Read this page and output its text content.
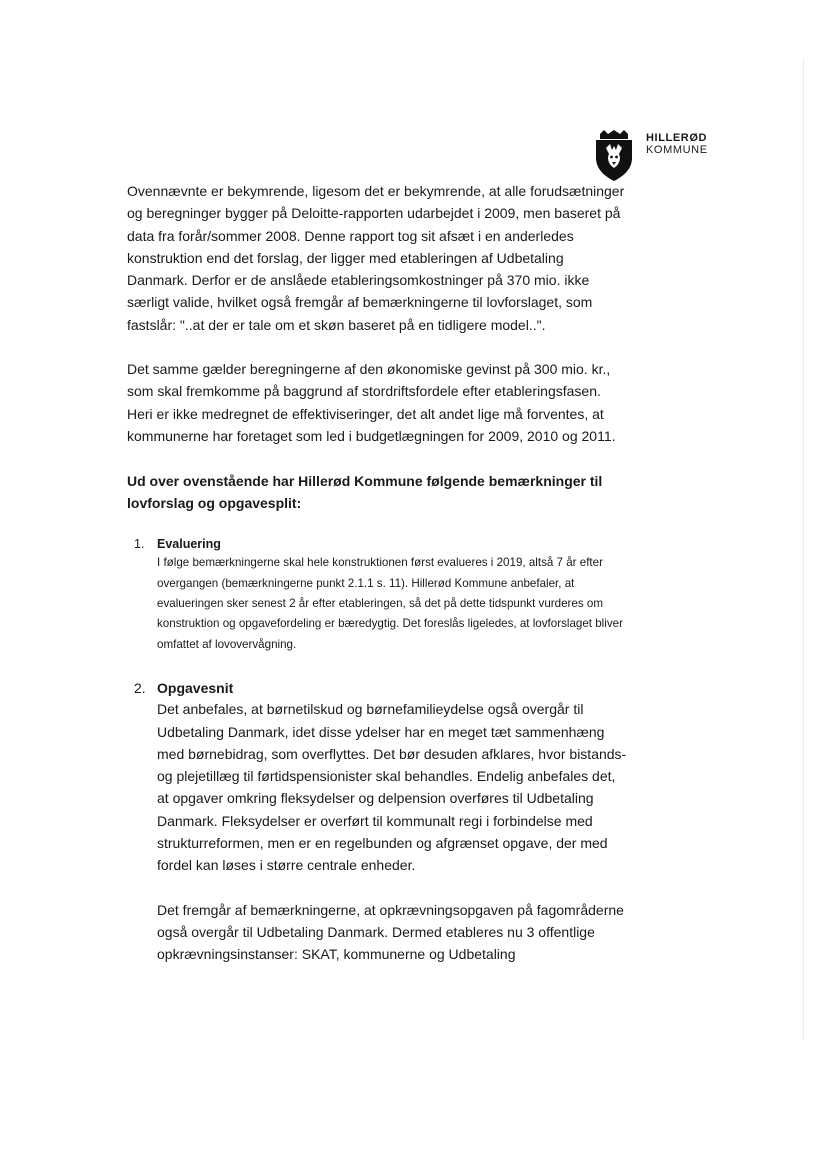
HILLERØD
KOMMUNE

Ovennævnte er bekymrende, ligesom det er bekymrende, at alle forudsætninger og beregninger bygger på Deloitte-rapporten udarbejdet i 2009, men baseret på data fra forår/sommer 2008. Denne rapport tog sit afsæt i en anderledes konstruktion end det forslag, der ligger med etableringen af Udbetaling Danmark. Derfor er de anslåede etableringsomkostninger på 370 mio. ikke særligt valide, hvilket også fremgår af bemærkningerne til lovforslaget, som fastslår: "..at der er tale om et skøn baseret på en tidligere model..".

Det samme gælder beregningerne af den økonomiske gevinst på 300 mio. kr., som skal fremkomme på baggrund af stordriftsfordele efter etableringsfasen. Heri er ikke medregnet de effektiviseringer, det alt andet lige må forventes, at kommunerne har foretaget som led i budgetlægningen for 2009, 2010 og 2011.

Ud over ovenstående har Hillerød Kommune følgende bemærkninger til lovforslag og opgavesplit:
1. Evaluering
I følge bemærkningerne skal hele konstruktionen først evalueres i 2019, altså 7 år efter overgangen (bemærkningerne punkt 2.1.1 s. 11). Hillerød Kommune anbefaler, at evalueringen sker senest 2 år efter etableringen, så det på dette tidspunkt vurderes om konstruktion og opgavefordeling er bæredygtig. Det foreslås ligeledes, at lovforslaget bliver omfattet af lovovervågning.
2. Opgavesnit
Det anbefales, at børnetilskud og børnefamilieydelse også overgår til Udbetaling Danmark, idet disse ydelser har en meget tæt sammenhæng med børnebidrag, som overflyttes. Det bør desuden afklares, hvor bistands- og plejetillæg til førtidspensionister skal behandles. Endelig anbefales det, at opgaver omkring fleksydelser og delpension overføres til Udbetaling Danmark. Fleksydelser er overført til kommunalt regi i forbindelse med strukturreformen, men er en regelbunden og afgrænset opgave, der med fordel kan løses i større centrale enheder.
Det fremgår af bemærkningerne, at opkrævningsopgaven på fagområderne også overgår til Udbetaling Danmark. Dermed etableres nu 3 offentlige opkrævningsinstanser: SKAT, kommunerne og Udbetaling
